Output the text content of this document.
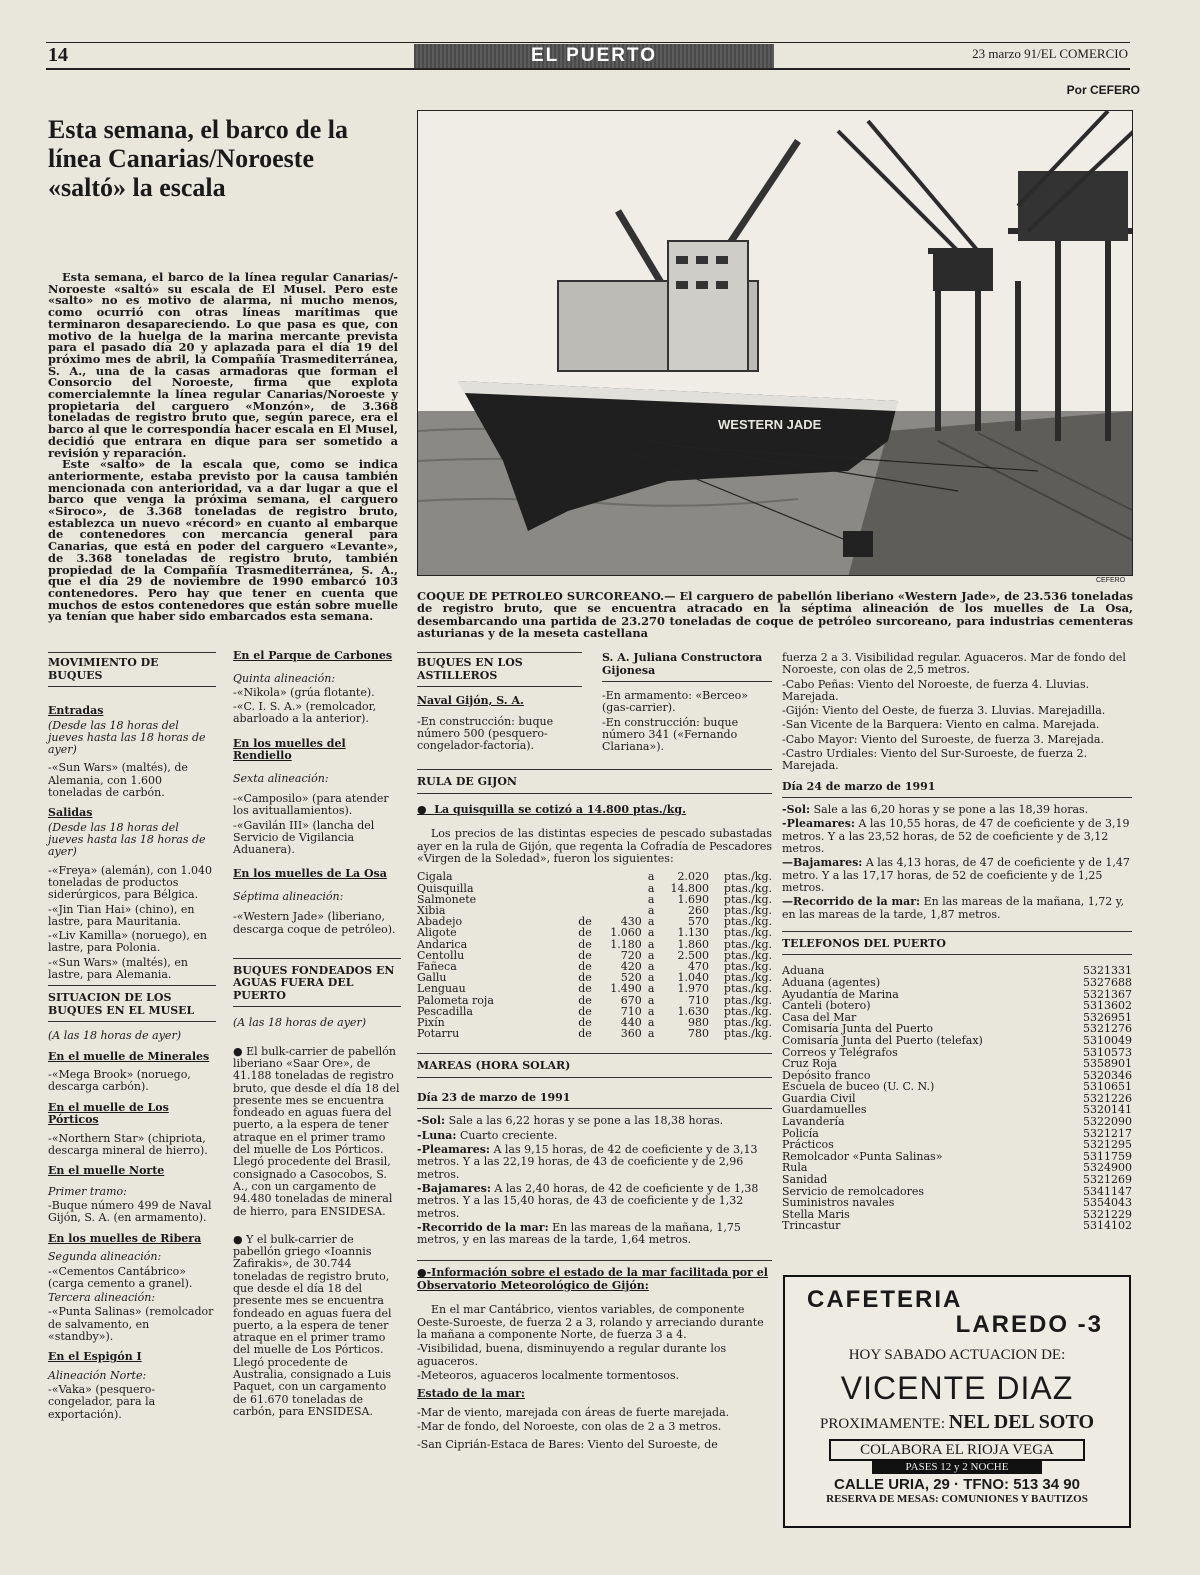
14	EL PUERTO	23 marzo 91/EL COMERCIO
Por CEFERO
Esta semana, el barco de la línea Canarias/Noroeste «saltó» la escala

Esta semana, el barco de la línea regular Canarias/-Noroeste «saltó» su escala de El Musel. Pero este «salto» no es motivo de alarma, ni mucho menos, como ocurrió con otras líneas marítimas que terminaron desapareciendo. Lo que pasa es que, con motivo de la huelga de la marina mercante prevista para el pasado día 20 y aplazada para el día 19 del próximo mes de abril, la Compañía Trasmediterránea, S. A., una de la casas armadoras que forman el Consorcio del Noroeste, firma que explota comercialemnte la línea regular Canarias/Noroeste y propietaria del carguero «Monzón», de 3.368 toneladas de registro bruto que, según parece, era el barco al que le correspondía hacer escala en El Musel, decidió que entrara en dique para ser sometido a revisión y reparación.

Este «salto» de la escala que, como se indica anteriormente, estaba previsto por la causa también mencionada con anterioridad, va a dar lugar a que el barco que venga la próxima semana, el carguero «Siroco», de 3.368 toneladas de registro bruto, establezca un nuevo «récord» en cuanto al embarque de contenedores con mercancía general para Canarias, que está en poder del carguero «Levante», de 3.368 toneladas de registro bruto, también propiedad de la Compañía Trasmediterránea, S. A., que el día 29 de noviembre de 1990 embarcó 103 contenedores. Pero hay que tener en cuenta que muchos de estos contenedores que están sobre muelle ya tenían que haber sido embarcados esta semana.

WESTERN JADE
CEFERO
COQUE DE PETROLEO SURCOREANO.— El carguero de pabellón liberiano «Western Jade», de 23.536 toneladas de registro bruto, que se encuentra atracado en la séptima alineación de los muelles de La Osa, desembarcando una partida de 23.270 toneladas de coque de petróleo surcoreano, para industrias cementeras asturianas y de la meseta castellana
MOVIMIENTO DE BUQUES
Entradas

(Desde las 18 horas del jueves hasta las 18 horas de ayer)

-«Sun Wars» (maltés), de Alemania, con 1.600 toneladas de carbón.

Salidas

(Desde las 18 horas del jueves hasta las 18 horas de ayer)

-«Freya» (alemán), con 1.040 toneladas de productos siderúrgicos, para Bélgica.

-«Jin Tian Hai» (chino), en lastre, para Mauritania.

-«Liv Kamilla» (noruego), en lastre, para Polonia.

-«Sun Wars» (maltés), en lastre, para Alemania.

SITUACION DE LOS BUQUES EN EL MUSEL

(A las 18 horas de ayer)

En el muelle de Minerales

-«Mega Brook» (noruego, descarga carbón).

En el muelle de Los Pórticos

-«Northern Star» (chipriota, descarga mineral de hierro).

En el muelle Norte

Primer tramo:

-Buque número 499 de Naval Gijón, S. A. (en armamento).

En los muelles de Ribera

Segunda alineación:

-«Cementos Cantábrico» (carga cemento a granel).

Tercera alineación:

-«Punta Salinas» (remolcador de salvamento, en «standby»).

En el Espigón I

Alineación Norte:

-«Vaka» (pesquero-congelador, para la exportación).

En el Parque de Carbones

Quinta alineación:

-«Nikola» (grúa flotante).

-«C. I. S. A.» (remolcador, abarloado a la anterior).

En los muelles del Rendiello

Sexta alineación:

-«Camposilo» (para atender los avituallamientos).

-«Gavilán III» (lancha del Servicio de Vigilancia Aduanera).

En los muelles de La Osa

Séptima alineación:

-«Western Jade» (liberiano, descarga coque de petróleo).

BUQUES FONDEADOS EN AGUAS FUERA DEL PUERTO

(A las 18 horas de ayer)

● El bulk-carrier de pabellón liberiano «Saar Ore», de 41.188 toneladas de registro bruto, que desde el día 18 del presente mes se encuentra fondeado en aguas fuera del puerto, a la espera de tener atraque en el primer tramo del muelle de Los Pórticos. Llegó procedente del Brasil, consignado a Casocobos, S. A., con un cargamento de 94.480 toneladas de mineral de hierro, para ENSIDESA.

● Y el bulk-carrier de pabellón griego «Ioannis Zafirakis», de 30.744 toneladas de registro bruto, que desde el día 18 del presente mes se encuentra fondeado en aguas fuera del puerto, a la espera de tener atraque en el primer tramo del muelle de Los Pórticos. Llegó procedente de Australia, consignado a Luis Paquet, con un cargamento de 61.670 toneladas de carbón, para ENSIDESA.

BUQUES EN LOS ASTILLEROS
Naval Gijón, S. A.

-En construcción: buque número 500 (pesquero-congelador-factoría).

S. A. Juliana Constructora Gijonesa

-En armamento: «Berceo» (gas-carrier).

-En construcción: buque número 341 («Fernando Clariana»).

RULA DE GIJON
●  La quisquilla se cotizó a 14.800 ptas./kg.

Los precios de las distintas especies de pescado subastadas ayer en la rula de Gijón, que regenta la Cofradía de Pescadores «Virgen de la Soledad», fueron los siguientes:

Cigala			a	2.020	ptas./kg.
Quisquilla			a	14.800	ptas./kg.
Salmonete			a	1.690	ptas./kg.
Xibia			a	260	ptas./kg.
Abadejo	de	430	a	570	ptas./kg.
Aligote	de	1.060	a	1.130	ptas./kg.
Andarica	de	1.180	a	1.860	ptas./kg.
Centollu	de	720	a	2.500	ptas./kg.
Fañeca	de	420	a	470	ptas./kg.
Gallu	de	520	a	1.040	ptas./kg.
Lenguau	de	1.490	a	1.970	ptas./kg.
Palometa roja	de	670	a	710	ptas./kg.
Pescadilla	de	710	a	1.630	ptas./kg.
Pixín	de	440	a	980	ptas./kg.
Potarru	de	360	a	780	ptas./kg.
MAREAS (HORA SOLAR)
Día 23 de marzo de 1991

-Sol: Sale a las 6,22 horas y se pone a las 18,38 horas.

-Luna: Cuarto creciente.

-Pleamares: A las 9,15 horas, de 42 de coeficiente y de 3,13 metros. Y a las 22,19 horas, de 43 de coeficiente y de 2,96 metros.

-Bajamares: A las 2,40 horas, de 42 de coeficiente y de 1,38 metros. Y a las 15,40 horas, de 43 de coeficiente y de 1,32 metros.

-Recorrido de la mar: En las mareas de la mañana, 1,75 metros, y en las mareas de la tarde, 1,64 metros.

●-Información sobre el estado de la mar facilitada por el Observatorio Meteorológico de Gijón:

En el mar Cantábrico, vientos variables, de componente Oeste-Suroeste, de fuerza 2 a 3, rolando y arreciando durante la mañana a componente Norte, de fuerza 3 a 4.

-Visibilidad, buena, disminuyendo a regular durante los aguaceros.

-Meteoros, aguaceros localmente tormentosos.

Estado de la mar:

-Mar de viento, marejada con áreas de fuerte marejada.

-Mar de fondo, del Noroeste, con olas de 2 a 3 metros.

-San Ciprián-Estaca de Bares: Viento del Suroeste, de

fuerza 2 a 3. Visibilidad regular. Aguaceros. Mar de fondo del Noroeste, con olas de 2,5 metros.

-Cabo Peñas: Viento del Noroeste, de fuerza 4. Lluvias. Marejada.

-Gijón: Viento del Oeste, de fuerza 3. Lluvias. Marejadilla.

-San Vicente de la Barquera: Viento en calma. Marejada.

-Cabo Mayor: Viento del Suroeste, de fuerza 3. Marejada.

-Castro Urdiales: Viento del Sur-Suroeste, de fuerza 2. Marejada.

Día 24 de marzo de 1991

-Sol: Sale a las 6,20 horas y se pone a las 18,39 horas.

-Pleamares: A las 10,55 horas, de 47 de coeficiente y de 3,19 metros. Y a las 23,52 horas, de 52 de coeficiente y de 3,12 metros.

—Bajamares: A las 4,13 horas, de 47 de coeficiente y de 1,47 metro. Y a las 17,17 horas, de 52 de coeficiente y de 1,25 metros.

—Recorrido de la mar: En las mareas de la mañana, 1,72 y, en las mareas de la tarde, 1,87 metros.

TELEFONOS DEL PUERTO
Aduana	5321331
Aduana (agentes)	5327688
Ayudantía de Marina	5321367
Canteli (botero)	5313602
Casa del Mar	5326951
Comisaría Junta del Puerto	5321276
Comisaría Junta del Puerto (telefax)	5310049
Correos y Telégrafos	5310573
Cruz Roja	5358901
Depósito franco	5320346
Escuela de buceo (U. C. N.)	5310651
Guardia Civil	5321226
Guardamuelles	5320141
Lavandería	5322090
Policía	5321217
Prácticos	5321295
Remolcador «Punta Salinas»	5311759
Rula	5324900
Sanidad	5321269
Servicio de remolcadores	5341147
Suministros navales	5354043
Stella Maris	5321229
Trincastur	5314102
CAFETERIA
LAREDO -3
HOY SABADO ACTUACION DE:
VICENTE DIAZ
PROXIMAMENTE: NEL DEL SOTO
COLABORA EL RIOJA VEGA
PASES 12 y 2 NOCHE
CALLE URIA, 29 · TFNO: 513 34 90
RESERVA DE MESAS: COMUNIONES Y BAUTIZOS
